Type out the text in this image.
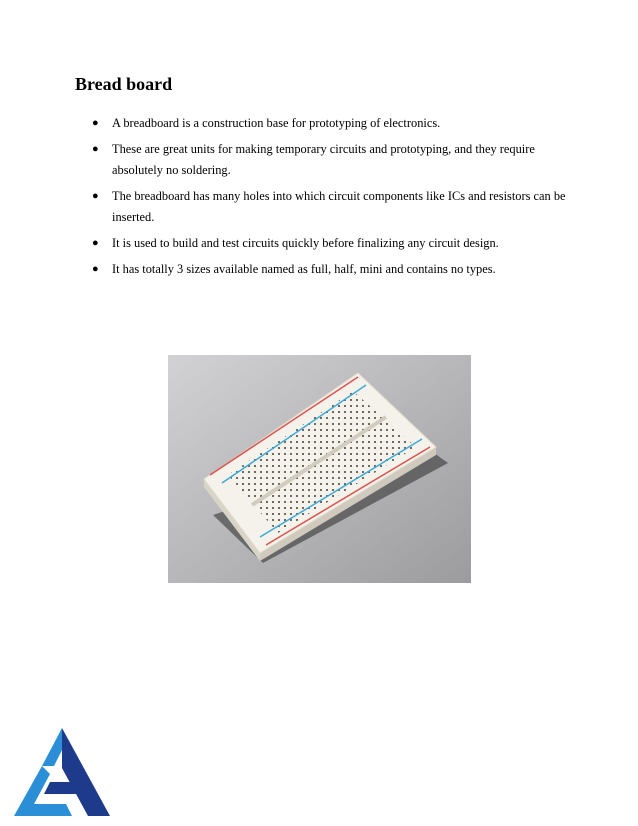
Bread board
● A breadboard is a construction base for prototyping of electronics.
● These are great units for making temporary circuits and prototyping, and they require absolutely no soldering.
● The breadboard has many holes into which circuit components like ICs and resistors can be inserted.
● It is used to build and test circuits quickly before finalizing any circuit design.
● It has totally 3 sizes available named as full, half, mini and contains no types.
